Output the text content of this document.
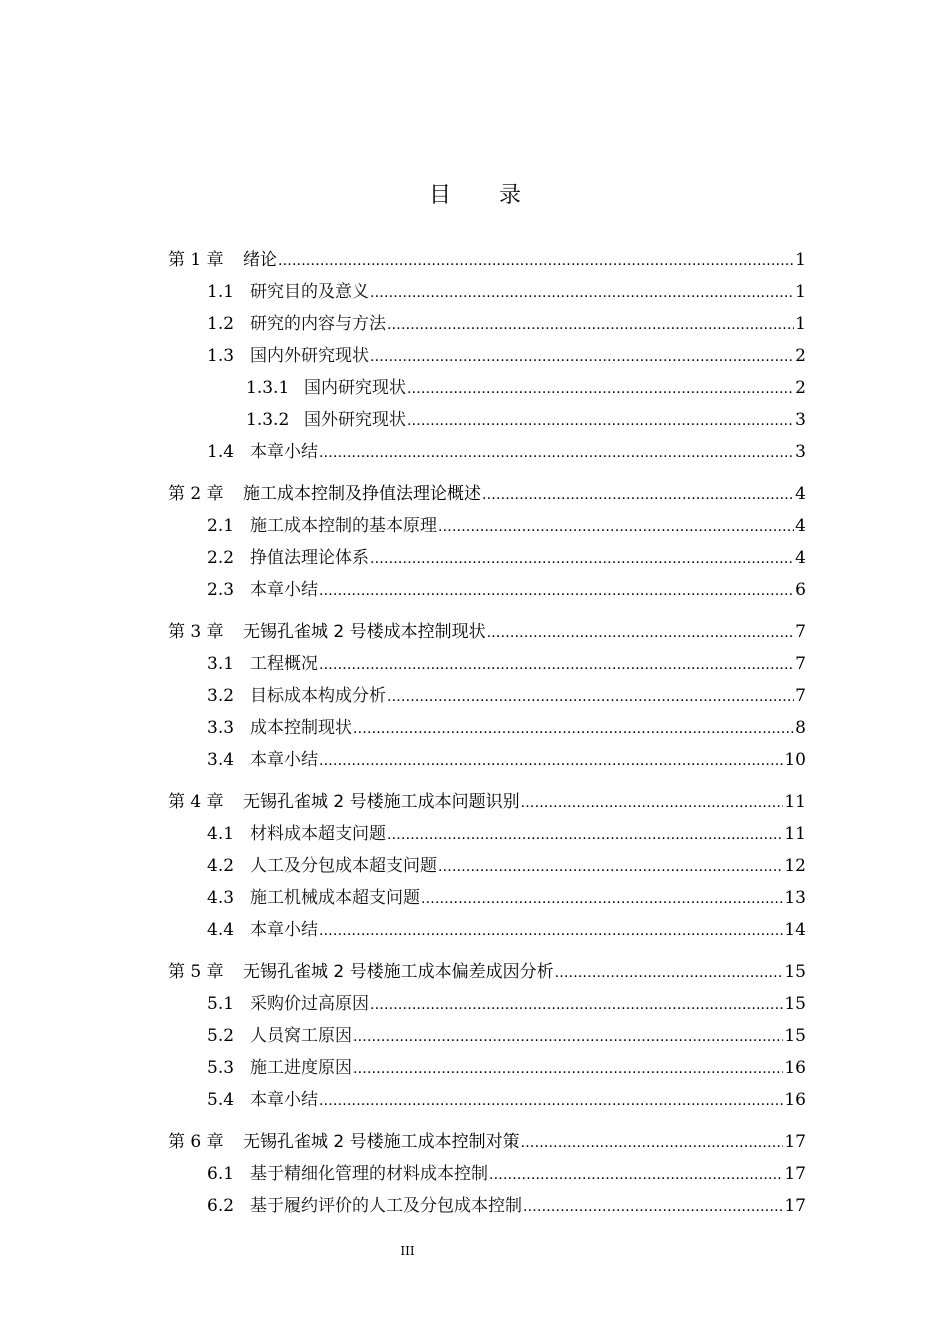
目录
第 1 章	绪论 .....	1
1.1 研究目的及意义 .....	1
1.2 研究的内容与方法 .....	1
1.3 国内外研究现状 .....	2
1.3.1 国内研究现状 .....	2
1.3.2 国外研究现状 .....	3
1.4 本章小结 .....	3
第 2 章	施工成本控制及挣值法理论概述 .....	4
2.1 施工成本控制的基本原理 .....	4
2.2 挣值法理论体系 .....	4
2.3 本章小结 .....	6
第 3 章	无锡孔雀城 2 号楼成本控制现状 .....	7
3.1 工程概况 .....	7
3.2 目标成本构成分析 .....	7
3.3 成本控制现状 .....	8
3.4 本章小结 .....	10
第 4 章	无锡孔雀城 2 号楼施工成本问题识别 .....	11
4.1 材料成本超支问题 .....	11
4.2 人工及分包成本超支问题 .....	12
4.3 施工机械成本超支问题 .....	13
4.4 本章小结 .....	14
第 5 章	无锡孔雀城 2 号楼施工成本偏差成因分析 .....	15
5.1 采购价过高原因 .....	15
5.2 人员窝工原因 .....	15
5.3 施工进度原因 .....	16
5.4 本章小结 .....	16
第 6 章	无锡孔雀城 2 号楼施工成本控制对策 .....	17
6.1 基于精细化管理的材料成本控制 .....	17
6.2 基于履约评价的人工及分包成本控制 .....	17
III
